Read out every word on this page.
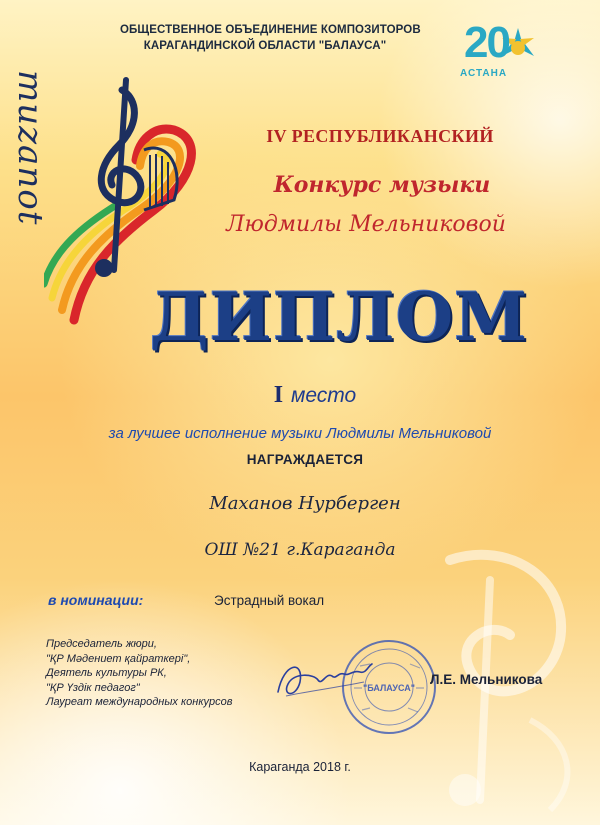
ОБЩЕСТВЕННОЕ ОБЪЕДИНЕНИЕ КОМПОЗИТОРОВ
КАРАГАНДИНСКОЙ ОБЛАСТИ "БАЛАУСА"	20
АСТАНА
muzanot	IV РЕСПУБЛИКАНСКИЙ
Конкурс музыки
Людмилы Мельниковой
ДИПЛОМ
I место
за лучшее исполнение музыки Людмилы Мельниковой
НАГРАЖДАЕТСЯ
Маханов Нурберген
ОШ №21 г.Караганда
в номинации:	Эстрадный вокал
Председатель жюри,
"ҚР Мәдениет қайраткері",
Деятель культуры РК,
"ҚР Үздік педагог"
Лауреат международных конкурсов
"БАЛАУСА"
Л.Е. Мельникова
Караганда 2018 г.
